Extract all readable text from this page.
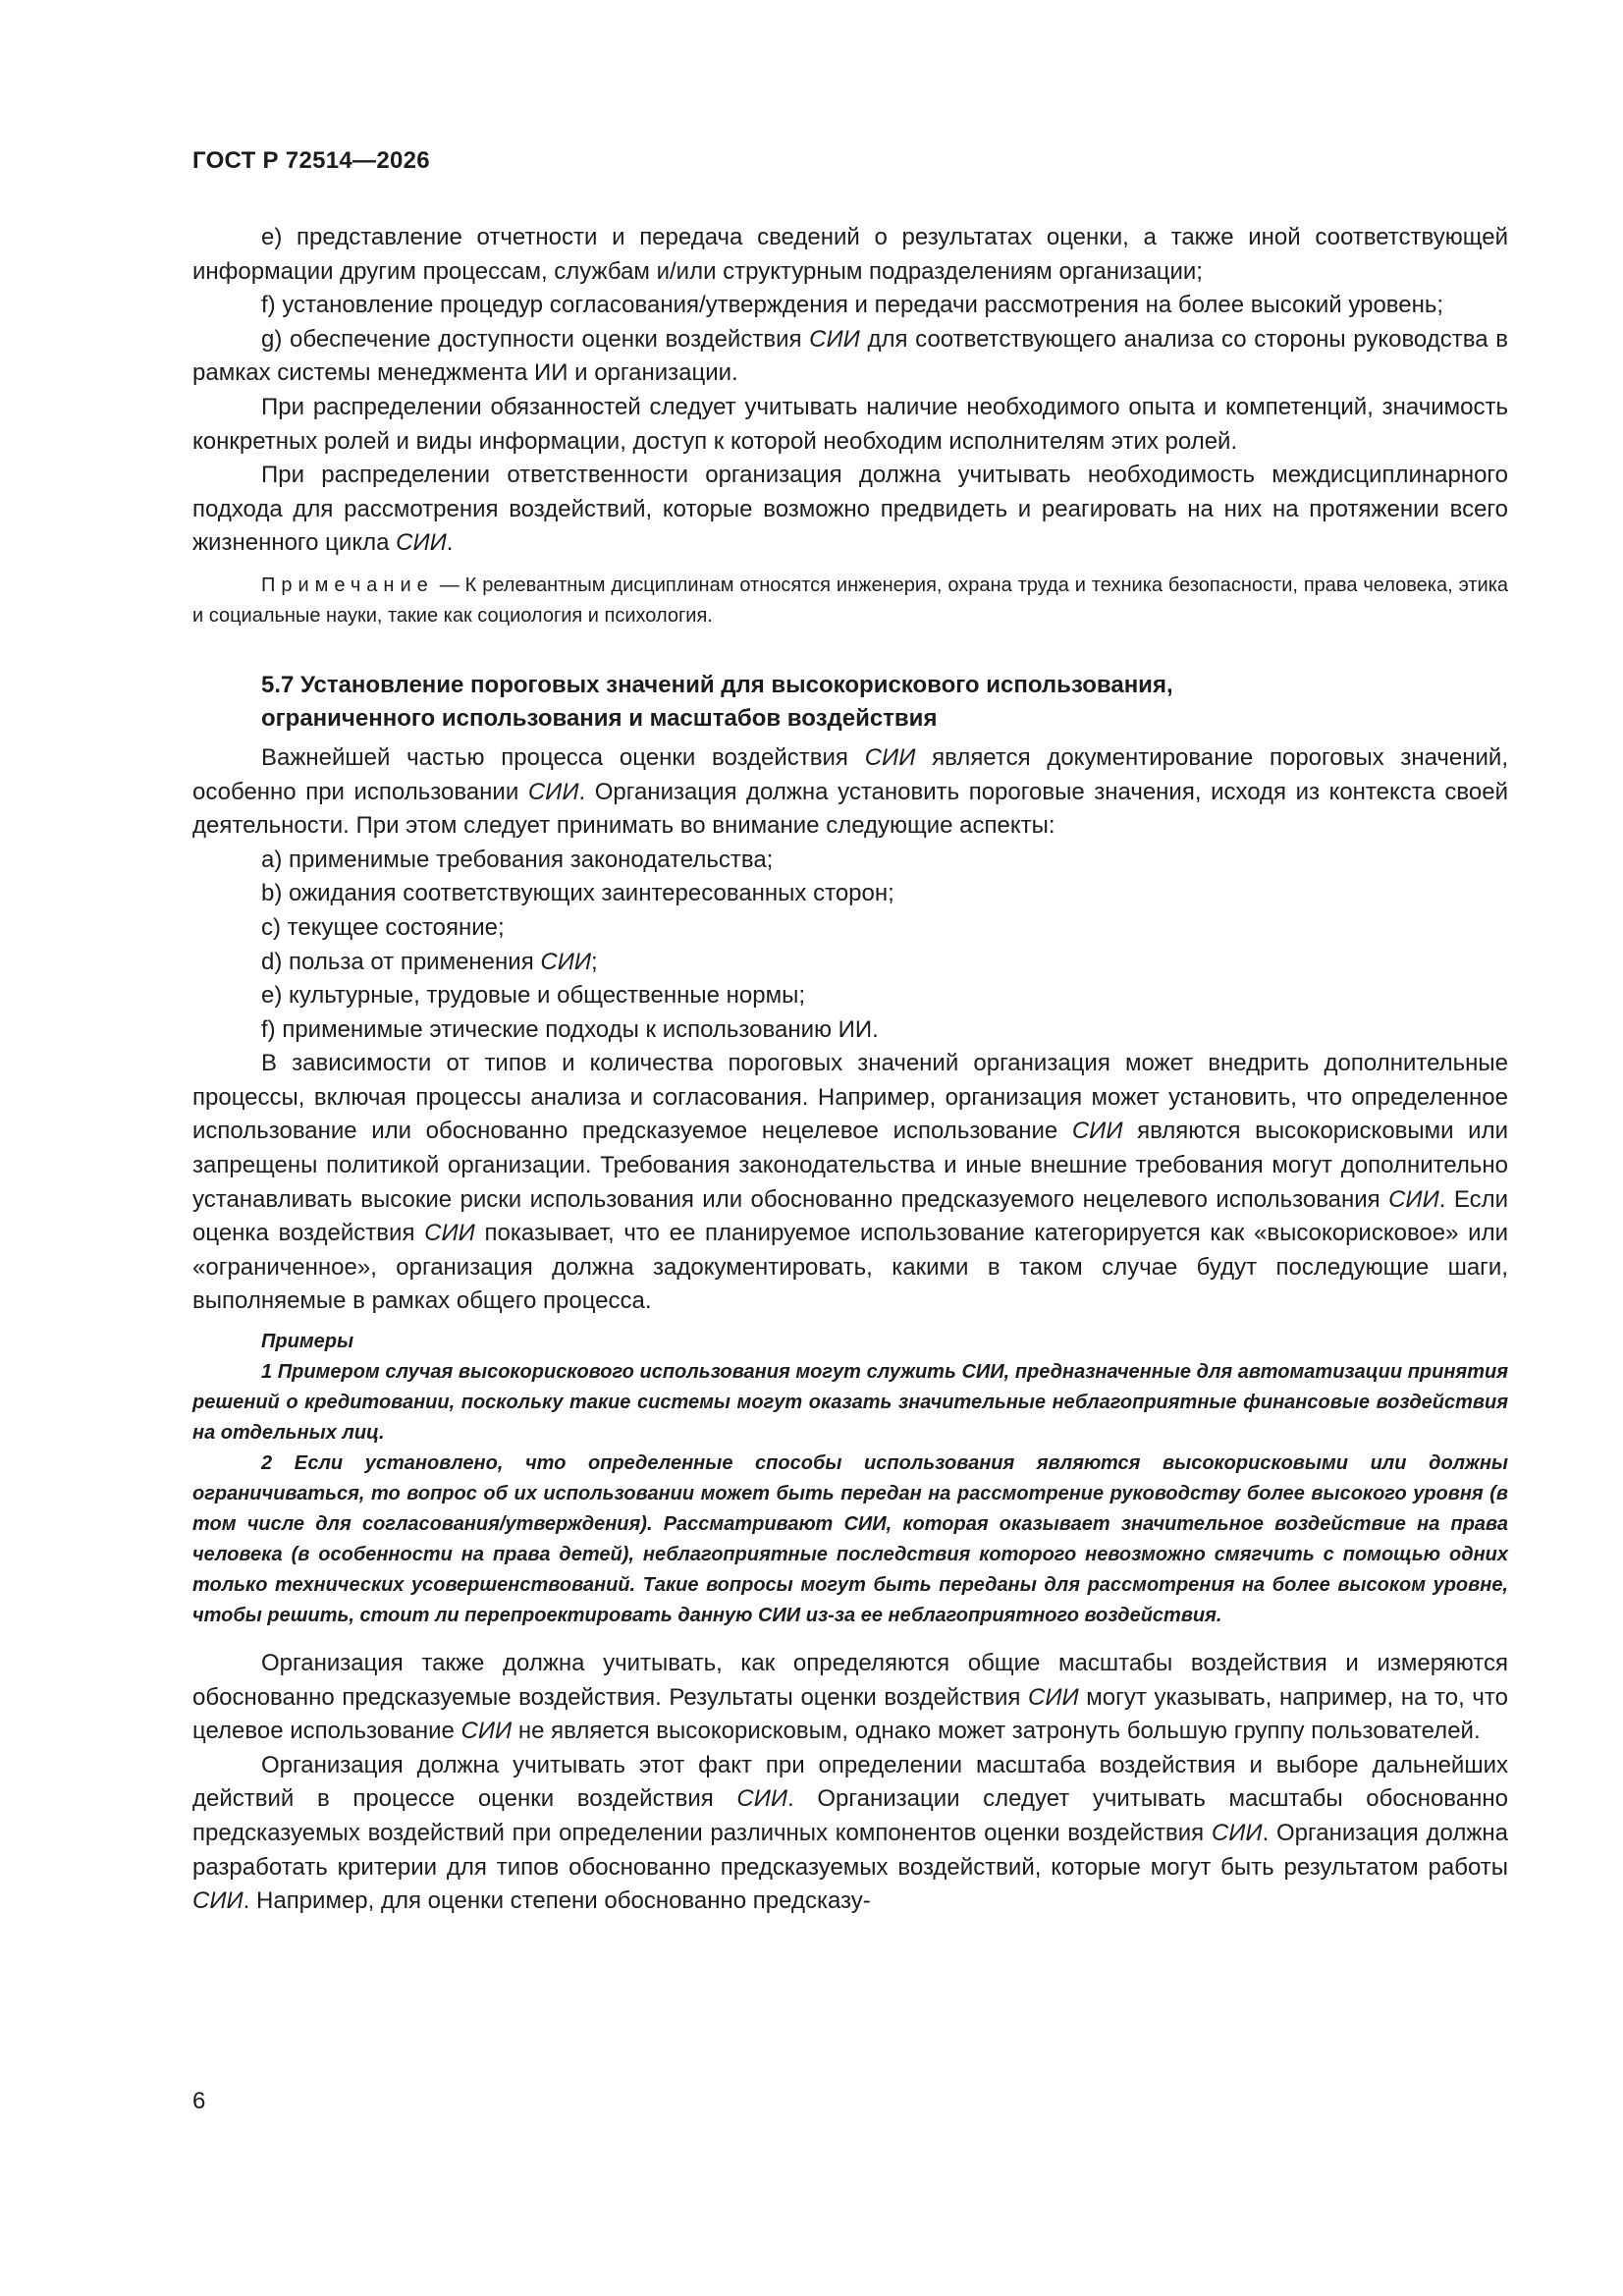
ГОСТ Р 72514—2026

e) представление отчетности и передача сведений о результатах оценки, а также иной соответствующей информации другим процессам, службам и/или структурным подразделениям организации;

f) установление процедур согласования/утверждения и передачи рассмотрения на более высокий уровень;

g) обеспечение доступности оценки воздействия СИИ для соответствующего анализа со стороны руководства в рамках системы менеджмента ИИ и организации.

При распределении обязанностей следует учитывать наличие необходимого опыта и компетенций, значимость конкретных ролей и виды информации, доступ к которой необходим исполнителям этих ролей.

При распределении ответственности организация должна учитывать необходимость междисциплинарного подхода для рассмотрения воздействий, которые возможно предвидеть и реагировать на них на протяжении всего жизненного цикла СИИ.

Примечание — К релевантным дисциплинам относятся инженерия, охрана труда и техника безопасности, права человека, этика и социальные науки, такие как социология и психология.
5.7 Установление пороговых значений для высокорискового использования,
ограниченного использования и масштабов воздействия

Важнейшей частью процесса оценки воздействия СИИ является документирование пороговых значений, особенно при использовании СИИ. Организация должна установить пороговые значения, исходя из контекста своей деятельности. При этом следует принимать во внимание следующие аспекты:

a) применимые требования законодательства;

b) ожидания соответствующих заинтересованных сторон;

c) текущее состояние;

d) польза от применения СИИ;

e) культурные, трудовые и общественные нормы;

f) применимые этические подходы к использованию ИИ.

В зависимости от типов и количества пороговых значений организация может внедрить дополнительные процессы, включая процессы анализа и согласования. Например, организация может установить, что определенное использование или обоснованно предсказуемое нецелевое использование СИИ являются высокорисковыми или запрещены политикой организации. Требования законодательства и иные внешние требования могут дополнительно устанавливать высокие риски использования или обоснованно предсказуемого нецелевого использования СИИ. Если оценка воздействия СИИ показывает, что ее планируемое использование категорируется как «высокорисковое» или «ограниченное», организация должна задокументировать, какими в таком случае будут последующие шаги, выполняемые в рамках общего процесса.

Примеры
1 Примером случая высокорискового использования могут служить СИИ, предназначенные для автоматизации принятия решений о кредитовании, поскольку такие системы могут оказать значительные неблагоприятные финансовые воздействия на отдельных лиц.
2 Если установлено, что определенные способы использования являются высокорисковыми или должны ограничиваться, то вопрос об их использовании может быть передан на рассмотрение руководству более высокого уровня (в том числе для согласования/утверждения). Рассматривают СИИ, которая оказывает значительное воздействие на права человека (в особенности на права детей), неблагоприятные последствия которого невозможно смягчить с помощью одних только технических усовершенствований. Такие вопросы могут быть переданы для рассмотрения на более высоком уровне, чтобы решить, стоит ли перепроектировать данную СИИ из-за ее неблагоприятного воздействия.

Организация также должна учитывать, как определяются общие масштабы воздействия и измеряются обоснованно предсказуемые воздействия. Результаты оценки воздействия СИИ могут указывать, например, на то, что целевое использование СИИ не является высокорисковым, однако может затронуть большую группу пользователей.

Организация должна учитывать этот факт при определении масштаба воздействия и выборе дальнейших действий в процессе оценки воздействия СИИ. Организации следует учитывать масштабы обоснованно предсказуемых воздействий при определении различных компонентов оценки воздействия СИИ. Организация должна разработать критерии для типов обоснованно предсказуемых воздействий, которые могут быть результатом работы СИИ. Например, для оценки степени обоснованно предсказу-

6
